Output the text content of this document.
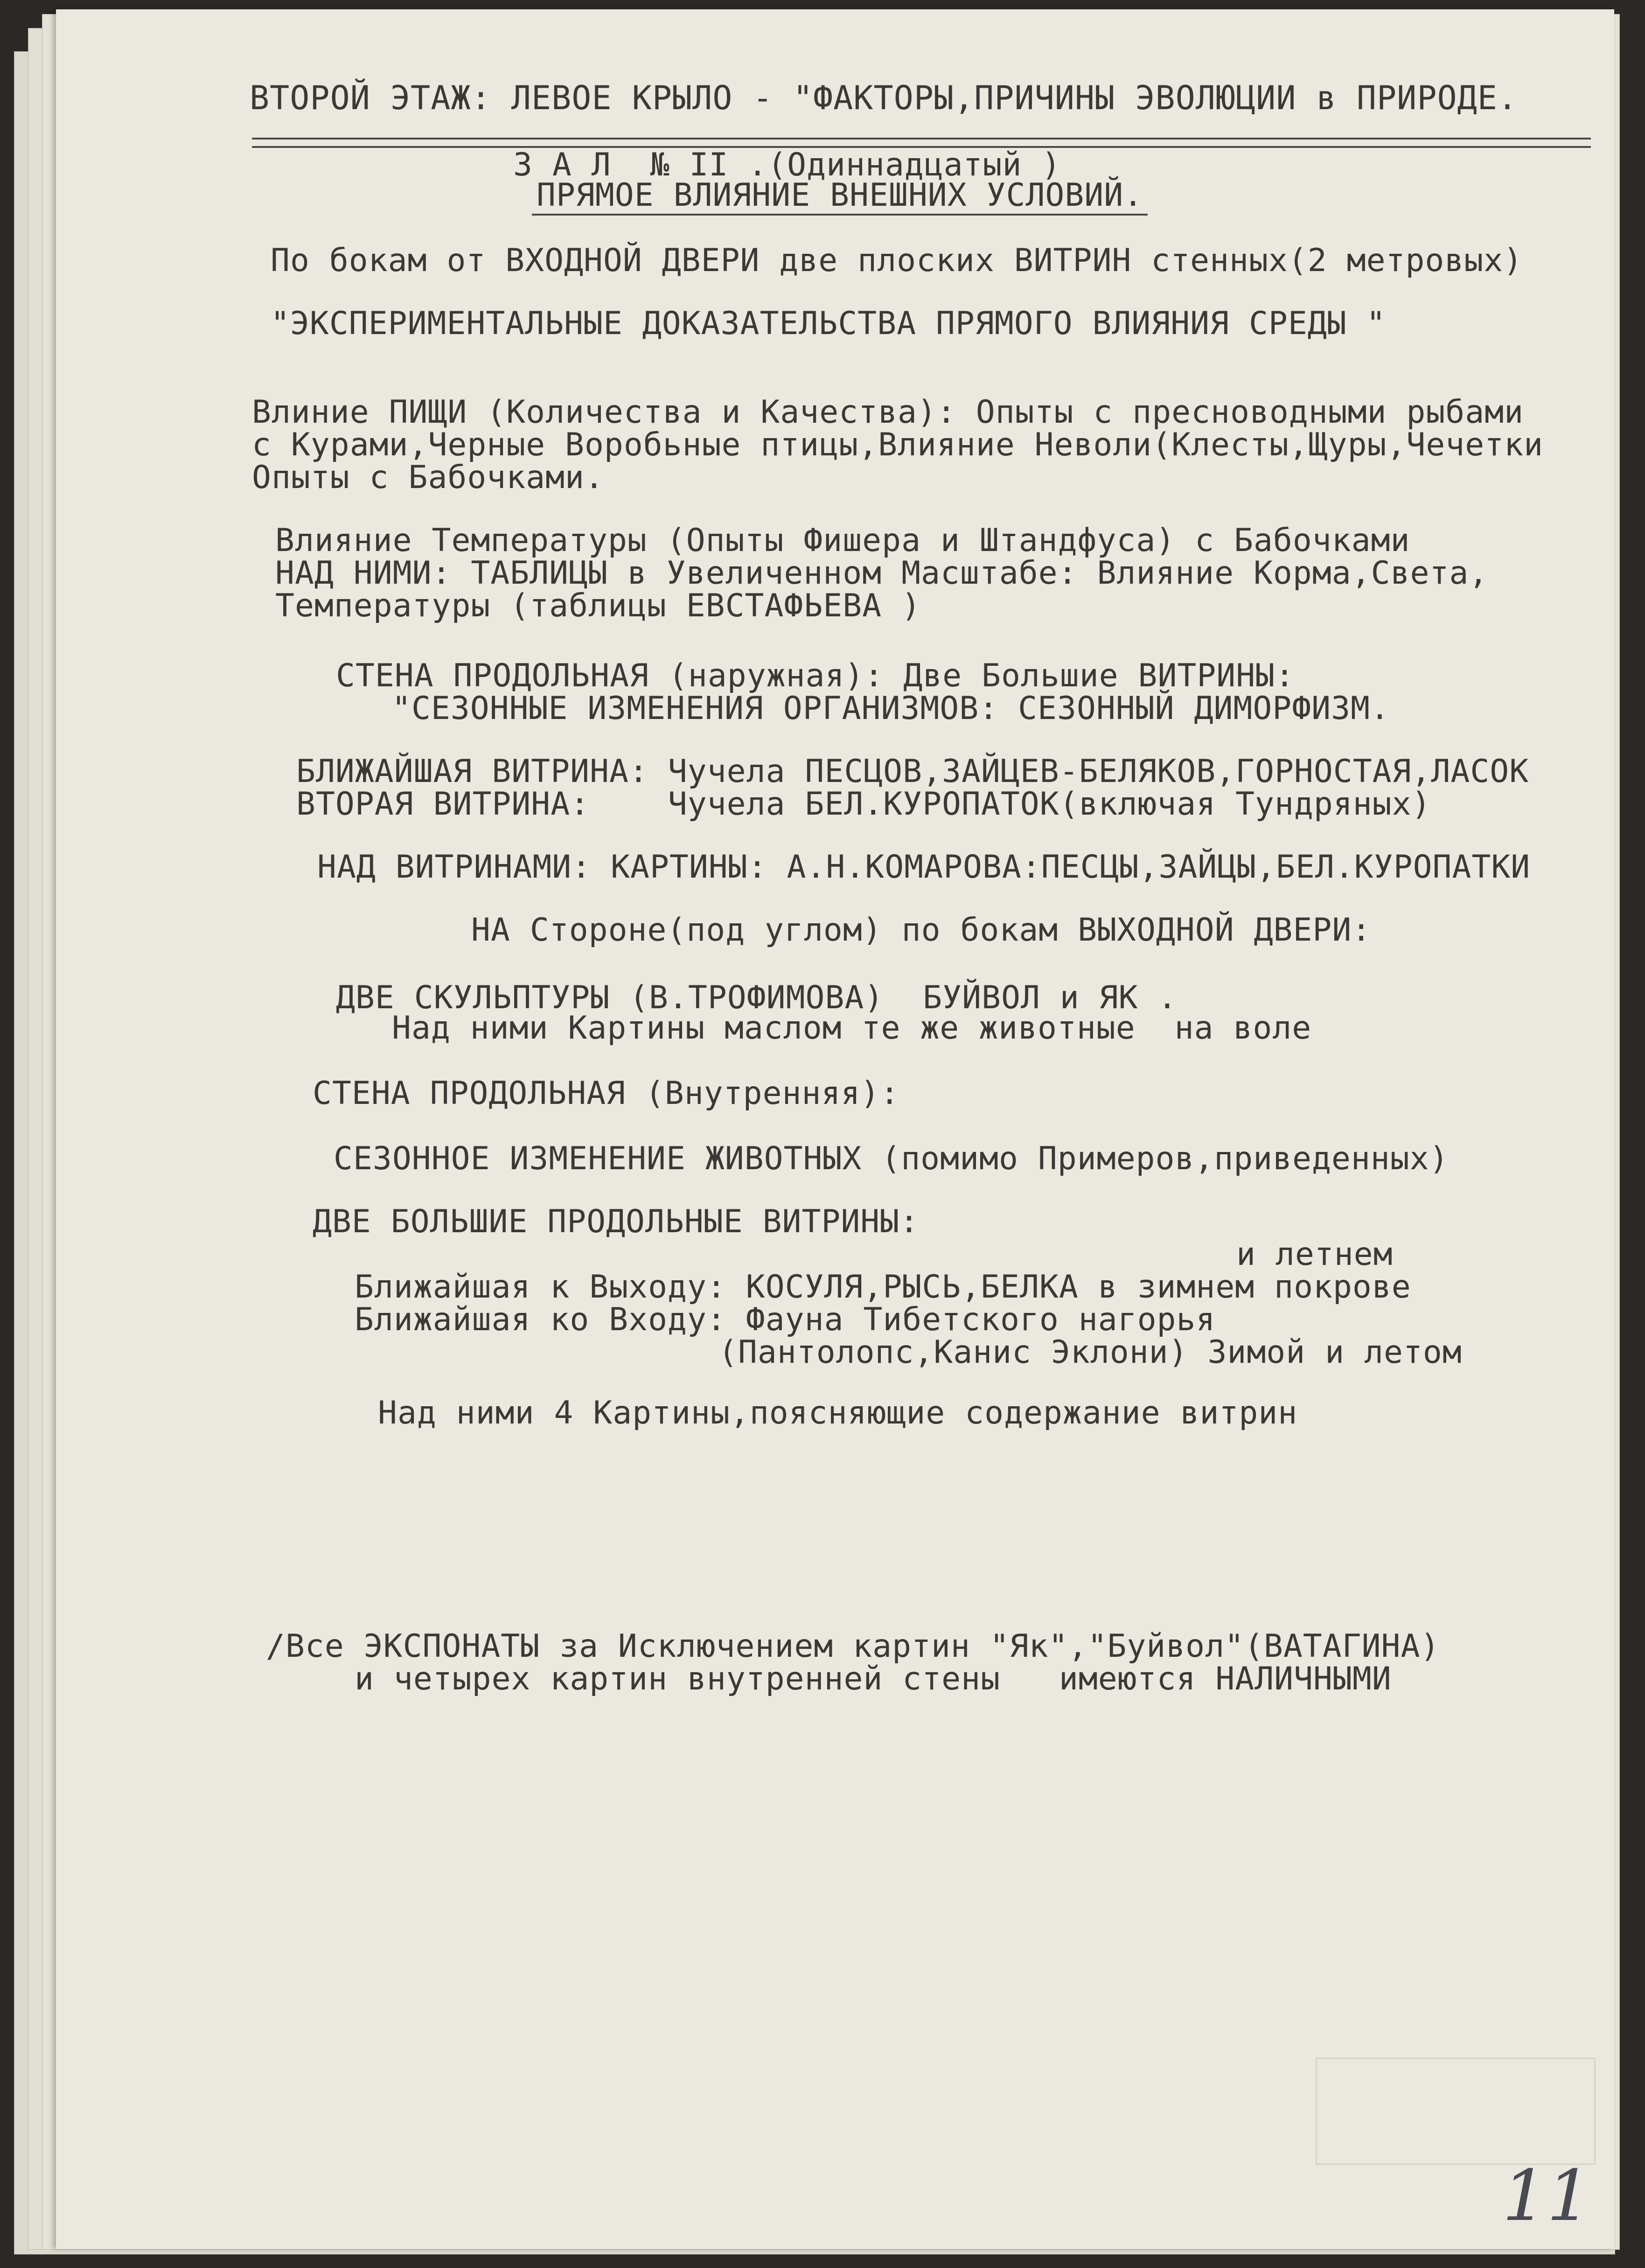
ВТОРОЙ ЭТАЖ: ЛЕВОЕ КРЫЛО - "ФАКТОРЫ,ПРИЧИНЫ ЭВОЛЮЦИИ в ПРИРОДЕ.
З А Л  № II .(Одиннадцатый )
ПРЯМОЕ ВЛИЯНИЕ ВНЕШНИХ УСЛОВИЙ.
По бокам от ВХОДНОЙ ДВЕРИ две плоских ВИТРИН стенных(2 метровых)
"ЭКСПЕРИМЕНТАЛЬНЫЕ ДОКАЗАТЕЛЬСТВА ПРЯМОГО ВЛИЯНИЯ СРЕДЫ "
Влиние ПИЩИ (Количества и Качества): Опыты с пресноводными рыбами
с Курами,Черные Воробьные птицы,Влияние Неволи(Клесты,Щуры,Чечетки
Опыты с Бабочками.
Влияние Температуры (Опыты Фишера и Штандфуса) с Бабочками
НАД НИМИ: ТАБЛИЦЫ в Увеличенном Масштабе: Влияние Корма,Света,
Температуры (таблицы ЕВСТАФЬЕВА )
СТЕНА ПРОДОЛЬНАЯ (наружная): Две Большие ВИТРИНЫ:
"СЕЗОННЫЕ ИЗМЕНЕНИЯ ОРГАНИЗМОВ: СЕЗОННЫЙ ДИМОРФИЗМ.
БЛИЖАЙШАЯ ВИТРИНА: Чучела ПЕСЦОВ,ЗАЙЦЕВ-БЕЛЯКОВ,ГОРНОСТАЯ,ЛАСОК
ВТОРАЯ ВИТРИНА:    Чучела БЕЛ.КУРОПАТОК(включая Тундряных)
НАД ВИТРИНАМИ: КАРТИНЫ: А.Н.КОМАРОВА:ПЕСЦЫ,ЗАЙЦЫ,БЕЛ.КУРОПАТКИ
НА Стороне(под углом) по бокам ВЫХОДНОЙ ДВЕРИ:
ДВЕ СКУЛЬПТУРЫ (В.ТРОФИМОВА)  БУЙВОЛ и ЯК .
Над ними Картины маслом те же животные  на воле
СТЕНА ПРОДОЛЬНАЯ (Внутренняя):
СЕЗОННОЕ ИЗМЕНЕНИЕ ЖИВОТНЫХ (помимо Примеров,приведенных)
ДВЕ БОЛЬШИЕ ПРОДОЛЬНЫЕ ВИТРИНЫ:
и летнем
Ближайшая к Выходу: КОСУЛЯ,РЫСЬ,БЕЛКА в зимнем покрове
Ближайшая ко Входу: Фауна Тибетского нагорья
(Пантолопс,Канис Эклони) Зимой и летом
Над ними 4 Картины,поясняющие содержание витрин
/Все ЭКСПОНАТЫ за Исключением картин "Як","Буйвол"(ВАТАГИНА)
и четырех картин внутренней стены   имеются НАЛИЧНЫМИ
11
